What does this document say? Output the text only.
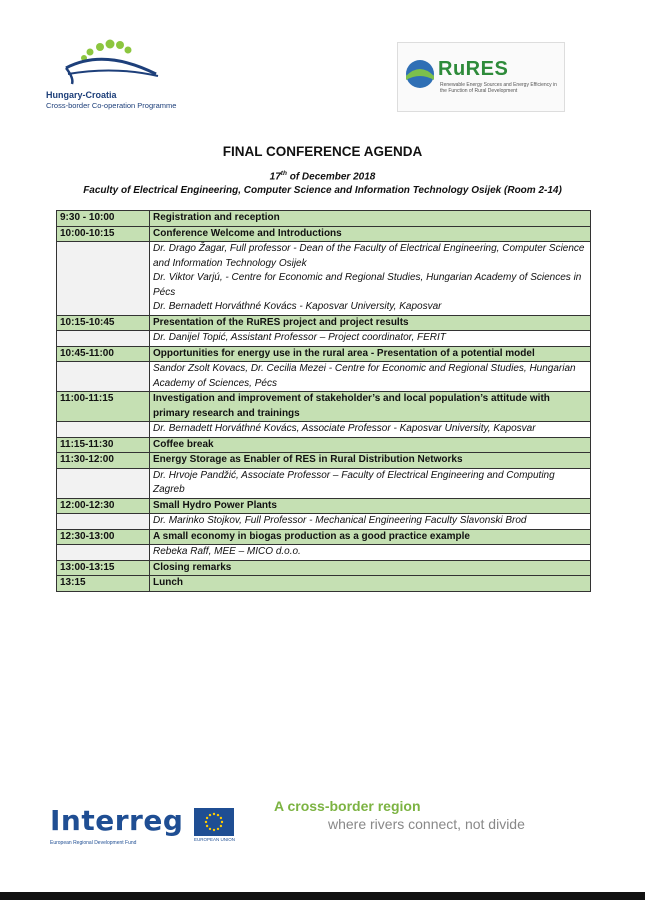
Hungary-Croatia
Cross-border Co-operation Programme
RuRES
Renewable Energy Sources and Energy Efficiency in the Function of Rural Development
FINAL CONFERENCE AGENDA
17th of December 2018
Faculty of Electrical Engineering, Computer Science and Information Technology Osijek (Room 2-14)
9:30 - 10:00	Registration and reception

10:00-10:15	Conference Welcome and Introductions

	Dr. Drago Žagar, Full professor - Dean of the Faculty of Electrical Engineering, Computer Science and Information Technology Osijek
Dr. Viktor Varjú, - Centre for Economic and Regional Studies, Hungarian Academy of Sciences in Pécs
Dr. Bernadett Horváthné Kovács - Kaposvar University, Kaposvar

10:15-10:45	Presentation of the RuRES project and project results

	Dr. Danijel Topić, Assistant Professor – Project coordinator, FERIT

10:45-11:00	Opportunities for energy use in the rural area - Presentation of a potential model

	Sandor Zsolt Kovacs, Dr. Cecilia Mezei - Centre for Economic and Regional Studies, Hungarian Academy of Sciences, Pécs

11:00-11:15	Investigation and improvement of stakeholder’s and local population’s attitude with primary research and trainings

	Dr. Bernadett Horváthné Kovács, Associate Professor - Kaposvar University, Kaposvar

11:15-11:30	Coffee break

11:30-12:00	Energy Storage as Enabler of RES in Rural Distribution Networks

	Dr. Hrvoje Pandžić, Associate Professor – Faculty of Electrical Engineering and Computing Zagreb

12:00-12:30	Small Hydro Power Plants

	Dr. Marinko Stojkov, Full Professor - Mechanical Engineering Faculty Slavonski Brod

12:30-13:00	A small economy in biogas production as a good practice example

	Rebeka Raff, MEE – MICO d.o.o.

13:00-13:15	Closing remarks

13:15	Lunch
Interreg
EUROPEAN UNION
European Regional Development Fund
A cross-border region
where rivers connect, not divide
